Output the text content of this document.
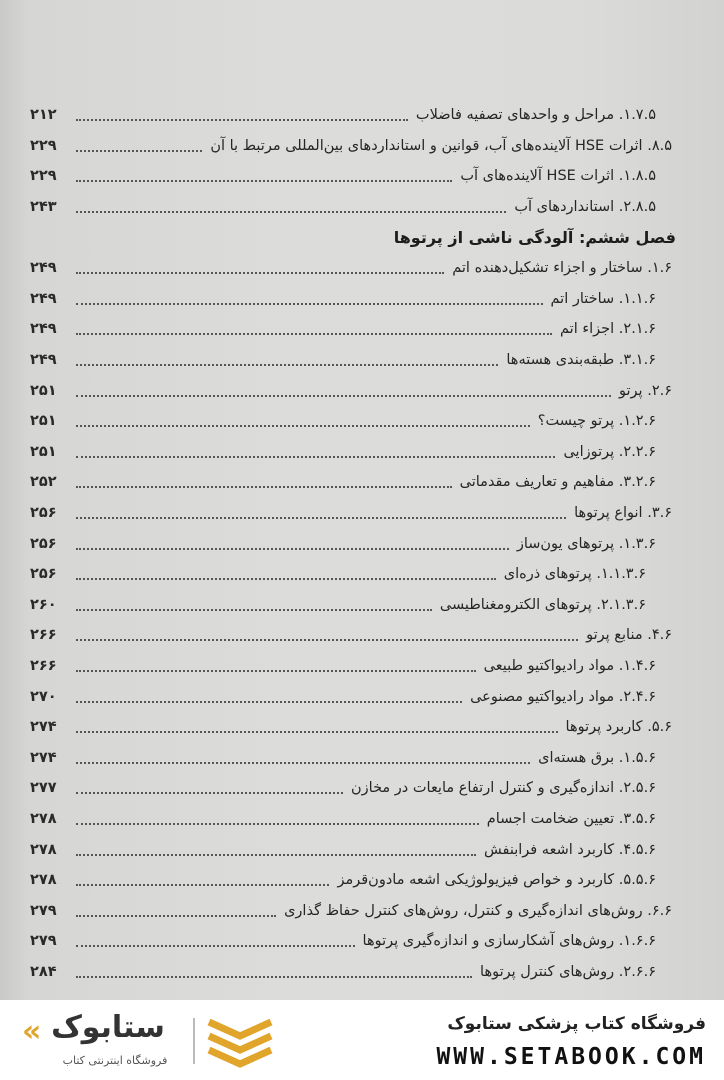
۱.۷.۵. مراحل و واحدهای تصفیه فاضلاب
۲۱۲
۸.۵. اثرات HSE آلاینده‌های آب، قوانین و استانداردهای بین‌المللی مرتبط با آن
۲۲۹
۱.۸.۵. اثرات HSE آلاینده‌های آب
۲۲۹
۲.۸.۵. استانداردهای آب
۲۴۳
فصل ششم: آلودگی ناشی از پرتوها
۱.۶. ساختار و اجزاء تشکیل‌دهنده اتم
۲۴۹
۱.۱.۶. ساختار اتم
۲۴۹
۲.۱.۶. اجزاء اتم
۲۴۹
۳.۱.۶. طبقه‌بندی هسته‌ها
۲۴۹
۲.۶. پرتو
۲۵۱
۱.۲.۶. پرتو چیست؟
۲۵۱
۲.۲.۶. پرتوزایی
۲۵۱
۳.۲.۶. مفاهیم و تعاریف مقدماتی
۲۵۲
۳.۶. انواع پرتوها
۲۵۶
۱.۳.۶. پرتوهای یون‌ساز
۲۵۶
۱.۱.۳.۶. پرتوهای ذره‌ای
۲۵۶
۲.۱.۳.۶. پرتوهای الکترومغناطیسی
۲۶۰
۴.۶. منابع پرتو
۲۶۶
۱.۴.۶. مواد رادیواکتیو طبیعی
۲۶۶
۲.۴.۶. مواد رادیواکتیو مصنوعی
۲۷۰
۵.۶. کاربرد پرتوها
۲۷۴
۱.۵.۶. برق هسته‌ای
۲۷۴
۲.۵.۶. اندازه‌گیری و کنترل ارتفاع مایعات در مخازن
۲۷۷
۳.۵.۶. تعیین ضخامت اجسام
۲۷۸
۴.۵.۶. کاربرد اشعه فرابنفش
۲۷۸
۵.۵.۶. کاربرد و خواص فیزیولوژیکی اشعه مادون‌قرمز
۲۷۸
۶.۶. روش‌های اندازه‌گیری و کنترل، روش‌های کنترل حفاظ گذاری
۲۷۹
۱.۶.۶. روش‌های آشکارسازی و اندازه‌گیری پرتوها
۲۷۹
۲.۶.۶. روش‌های کنترل پرتوها
۲۸۴
ستابوک
«
فروشگاه اینترنتی کتاب
فروشگاه کتاب پزشکی ستابوک
WWW.SETABOOK.COM
